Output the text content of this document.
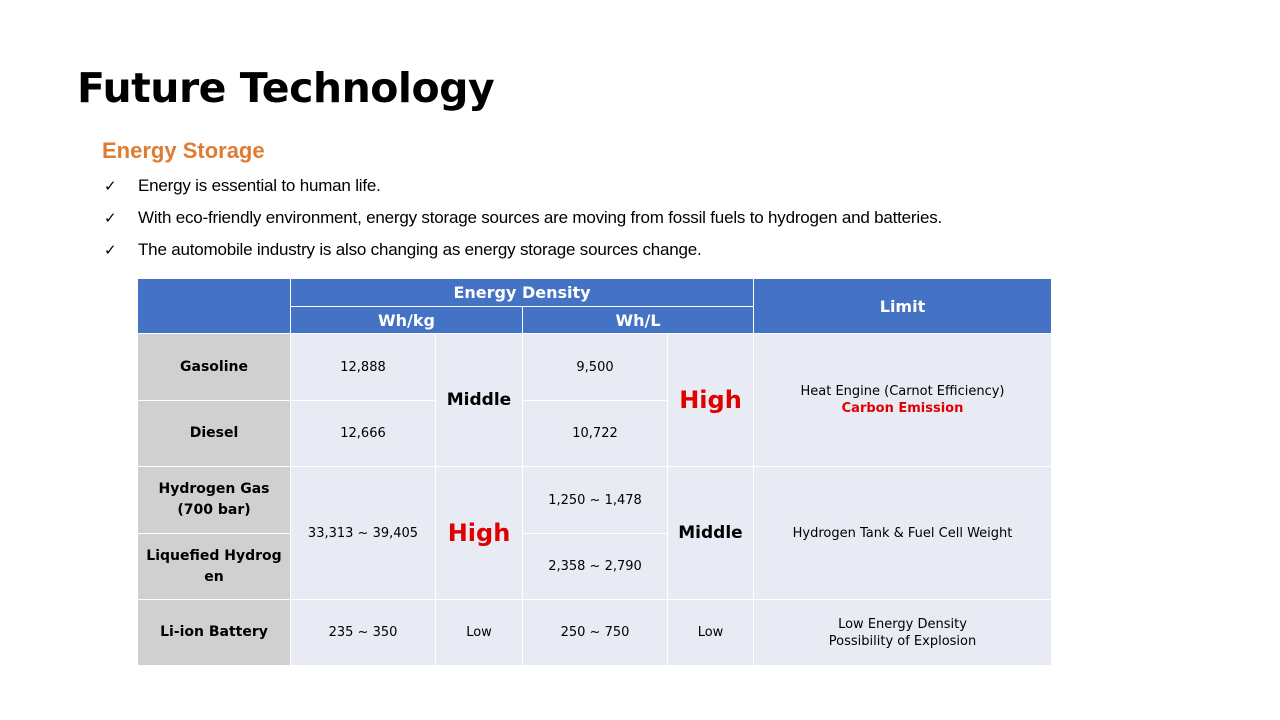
Future Technology
Energy Storage
✓	Energy is essential to human life.
✓	With eco-friendly environment, energy storage sources are moving from fossil fuels to hydrogen and batteries.
✓	The automobile industry is also changing as energy storage sources change.
	Energy Density				Limit
	Wh/kg		Wh/L		
Gasoline	12,888	Middle	9,500	High	Heat Engine (Carnot Efficiency)
Carbon Emission

Diesel	12,666		10,722		

Hydrogen Gas
(700 bar)	33,313 ~ 39,405	High	1,250 ~ 1,478	Middle	Hydrogen Tank & Fuel Cell Weight

Liquefied Hydrog
en			2,358 ~ 2,790		
Li-ion Battery	235 ~ 350	Low	250 ~ 750	Low	Low Energy Density
Possibility of Explosion
